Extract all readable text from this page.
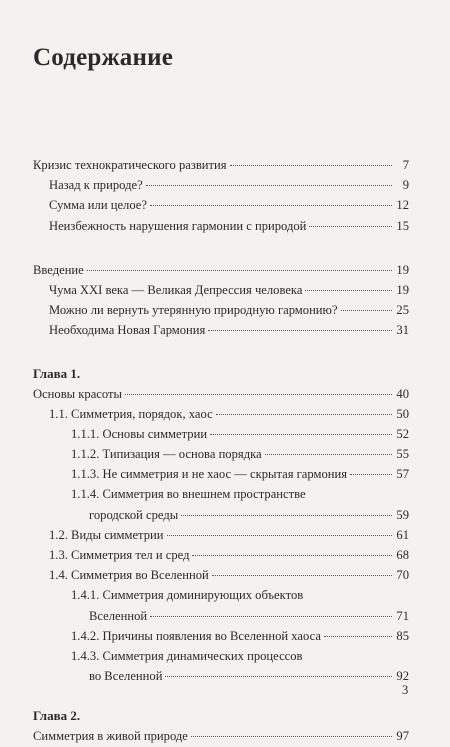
Содержание
Кризис технократического развития	7
Назад к природе?	9
Сумма или целое?	12
Неизбежность нарушения гармонии с природой	15
Введение	19
Чума XXI века — Великая Депрессия человека	19
Можно ли вернуть утерянную природную гармонию?	25
Необходима Новая Гармония	31
Глава 1.
Основы красоты	40
1.1. Симметрия, порядок, хаос	50
1.1.1. Основы симметрии	52
1.1.2. Типизация — основа порядка	55
1.1.3. Не симметрия и не хаос — скрытая гармония	57
1.1.4. Симметрия во внешнем пространстве
городской среды	59
1.2. Виды симметрии	61
1.3. Симметрия тел и сред	68
1.4. Симметрия во Вселенной	70
1.4.1. Симметрия доминирующих объектов
Вселенной	71
1.4.2. Причины появления во Вселенной хаоса	85
1.4.3. Симметрия динамических процессов
во Вселенной	92
Глава 2.
Симметрия в живой природе	97
3
